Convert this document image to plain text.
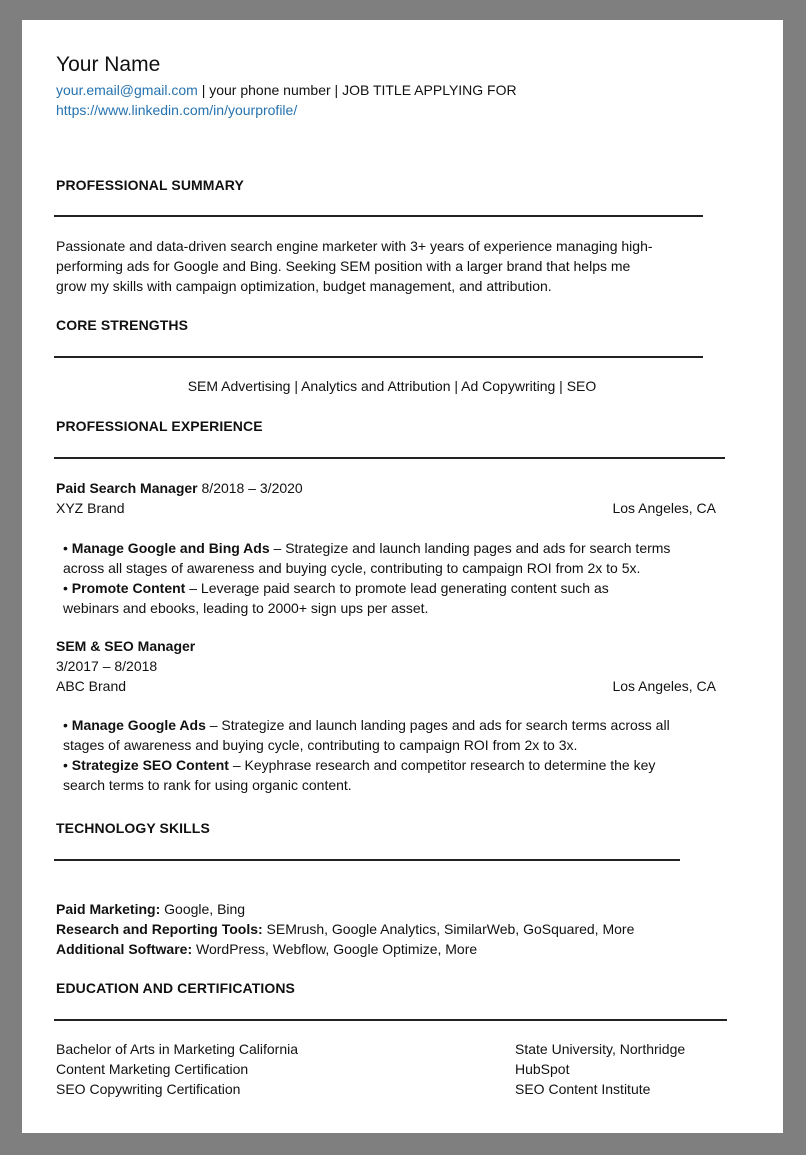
Your Name
your.email@gmail.com | your phone number | JOB TITLE APPLYING FOR
https://www.linkedin.com/in/yourprofile/
PROFESSIONAL SUMMARY
Passionate and data-driven search engine marketer with 3+ years of experience managing high-
performing ads for Google and Bing. Seeking SEM position with a larger brand that helps me
grow my skills with campaign optimization, budget management, and attribution.
CORE STRENGTHS
SEM Advertising | Analytics and Attribution | Ad Copywriting | SEO
PROFESSIONAL EXPERIENCE
Paid Search Manager 8/2018 – 3/2020
XYZ Brand	Los Angeles, CA
• Manage Google and Bing Ads – Strategize and launch landing pages and ads for search terms
across all stages of awareness and buying cycle, contributing to campaign ROI from 2x to 5x.
• Promote Content – Leverage paid search to promote lead generating content such as
webinars and ebooks, leading to 2000+ sign ups per asset.
SEM & SEO Manager
3/2017 – 8/2018
ABC Brand	Los Angeles, CA
• Manage Google Ads – Strategize and launch landing pages and ads for search terms across all
stages of awareness and buying cycle, contributing to campaign ROI from 2x to 3x.
• Strategize SEO Content – Keyphrase research and competitor research to determine the key
search terms to rank for using organic content.
TECHNOLOGY SKILLS
Paid Marketing: Google, Bing
Research and Reporting Tools: SEMrush, Google Analytics, SimilarWeb, GoSquared, More
Additional Software: WordPress, Webflow, Google Optimize, More
EDUCATION AND CERTIFICATIONS
Bachelor of Arts in Marketing California
Content Marketing Certification
SEO Copywriting Certification
State University, Northridge
HubSpot
SEO Content Institute
